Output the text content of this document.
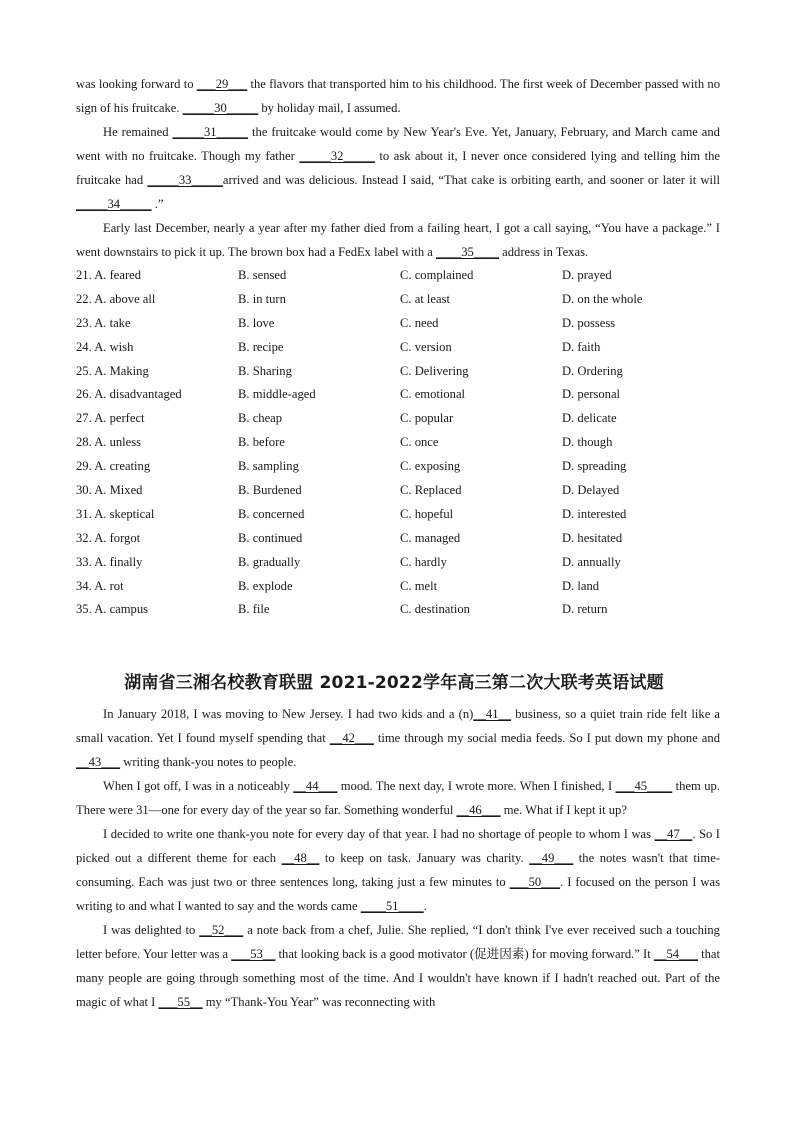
was looking forward to ___29___ the flavors that transported him to his childhood. The first week of December passed with no sign of his fruitcake. _____30_____ by holiday mail, I assumed.

He remained _____31_____ the fruitcake would come by New Year's Eve. Yet, January, February, and March came and went with no fruitcake. Though my father _____32_____ to ask about it, I never once considered lying and telling him the fruitcake had _____33_____arrived and was delicious. Instead I said, “That cake is orbiting earth, and sooner or later it will _____34_____ .”

Early last December, nearly a year after my father died from a failing heart, I got a call saying, “You have a package.” I went downstairs to pick it up. The brown box had a FedEx label with a ____35____ address in Texas.

21. A. feared	B. sensed	C. complained	D. prayed
22. A. above all	B. in turn	C. at least	D. on the whole
23. A. take	B. love	C. need	D. possess
24. A. wish	B. recipe	C. version	D. faith
25. A. Making	B. Sharing	C. Delivering	D. Ordering
26. A. disadvantaged	B. middle-aged	C. emotional	D. personal
27. A. perfect	B. cheap	C. popular	D. delicate
28. A. unless	B. before	C. once	D. though
29. A. creating	B. sampling	C. exposing	D. spreading
30. A. Mixed	B. Burdened	C. Replaced	D. Delayed
31. A. skeptical	B. concerned	C. hopeful	D. interested
32. A. forgot	B. continued	C. managed	D. hesitated
33. A. finally	B. gradually	C. hardly	D. annually
34. A. rot	B. explode	C. melt	D. land
35. A. campus	B. file	C. destination	D. return
湖南省三湘名校教育联盟 2021-2022学年高三第二次大联考英语试题

In January 2018, I was moving to New Jersey. I had two kids and a (n)__41__ business, so a quiet train ride felt like a small vacation. Yet I found myself spending that __42___ time through my social media feeds. So I put down my phone and __43___ writing thank-you notes to people.

When I got off, I was in a noticeably __44___ mood. The next day, I wrote more. When I finished, I ___45____ them up. There were 31—one for every day of the year so far. Something wonderful __46___ me. What if I kept it up?

I decided to write one thank-you note for every day of that year. I had no shortage of people to whom I was __47__. So I picked out a different theme for each __48__ to keep on task. January was charity. __49___ the notes wasn't that time-consuming. Each was just two or three sentences long, taking just a few minutes to ___50___. I focused on the person I was writing to and what I wanted to say and the words came ____51____.

I was delighted to __52___ a note back from a chef, Julie. She replied, “I don't think I've ever received such a touching letter before. Your letter was a ___53__ that looking back is a good motivator (促进因素) for moving forward.” It __54___ that many people are going through something most of the time. And I wouldn't have known if I hadn't reached out. Part of the magic of what I ___55__ my “Thank-You Year” was reconnecting with
